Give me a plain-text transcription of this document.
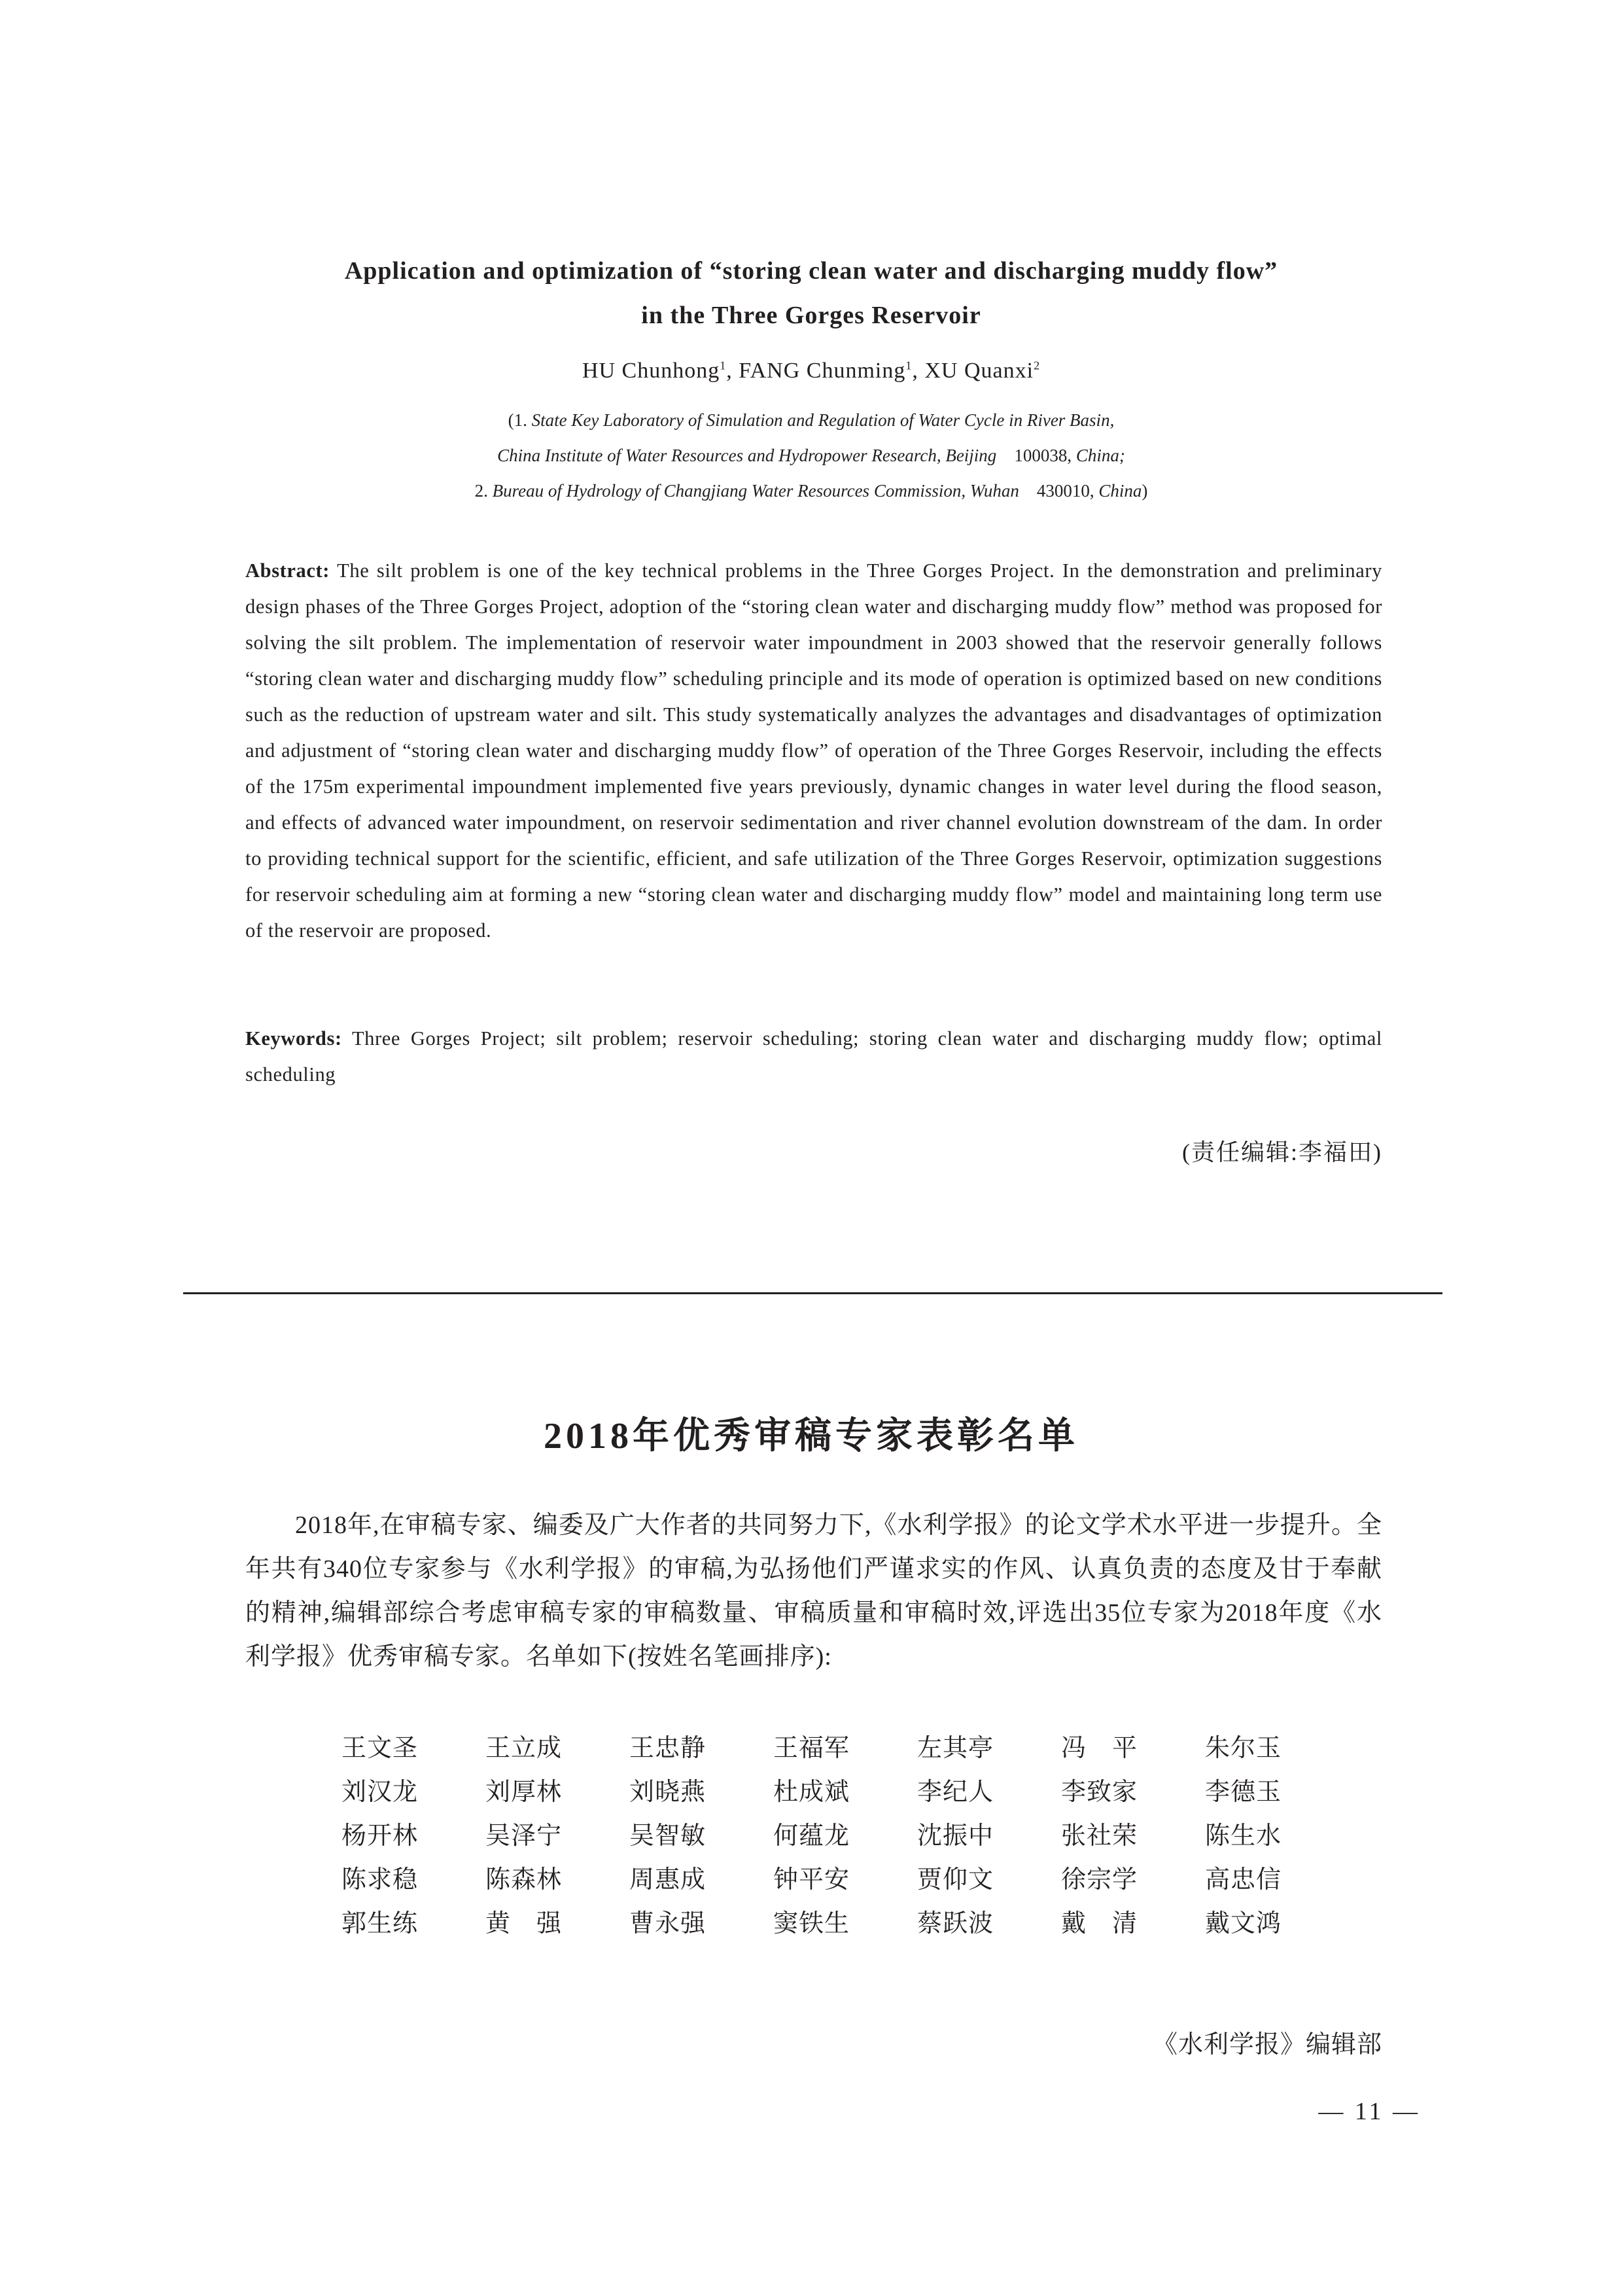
Application and optimization of “storing clean water and discharging muddy flow”
in the Three Gorges Reservoir
HU Chunhong$^1$, FANG Chunming$^1$, XU Quanxi$^2$
(1. State Key Laboratory of Simulation and Regulation of Water Cycle in River Basin,
China Institute of Water Resources and Hydropower Research, Beijing 100038, China;
2. Bureau of Hydrology of Changjiang Water Resources Commission, Wuhan 430010, China)
Abstract: The silt problem is one of the key technical problems in the Three Gorges Project. In the demonstration and preliminary design phases of the Three Gorges Project, adoption of the “storing clean water and discharging muddy flow” method was proposed for solving the silt problem. The implementation of reservoir water impoundment in 2003 showed that the reservoir generally follows “storing clean water and discharging muddy flow” scheduling principle and its mode of operation is optimized based on new conditions such as the reduction of upstream water and silt. This study systematically analyzes the advantages and disadvantages of optimization and adjustment of “storing clean water and discharging muddy flow” of operation of the Three Gorges Reservoir, including the effects of the 175m experimental impoundment implemented five years previously, dynamic changes in water level during the flood season, and effects of advanced water impoundment, on reservoir sedimentation and river channel evolution downstream of the dam. In order to providing technical support for the scientific, efficient, and safe utilization of the Three Gorges Reservoir, optimization suggestions for reservoir scheduling aim at forming a new “storing clean water and discharging muddy flow” model and maintaining long term use of the reservoir are proposed.
Keywords: Three Gorges Project; silt problem; reservoir scheduling; storing clean water and discharging muddy flow; optimal scheduling
(责任编辑:李福田)
2018年优秀审稿专家表彰名单
2018年,在审稿专家、编委及广大作者的共同努力下,《水利学报》的论文学术水平进一步提升。全年共有340位专家参与《水利学报》的审稿,为弘扬他们严谨求实的作风、认真负责的态度及甘于奉献的精神,编辑部综合考虑审稿专家的审稿数量、审稿质量和审稿时效,评选出35位专家为2018年度《水利学报》优秀审稿专家。名单如下(按姓名笔画排序):
王文圣	王立成	王忠静	王福军	左其亭	冯　平	朱尔玉
刘汉龙	刘厚林	刘晓燕	杜成斌	李纪人	李致家	李德玉
杨开林	吴泽宁	吴智敏	何蕴龙	沈振中	张社荣	陈生水
陈求稳	陈森林	周惠成	钟平安	贾仰文	徐宗学	高忠信
郭生练	黄　强	曹永强	窦铁生	蔡跃波	戴　清	戴文鸿
《水利学报》编辑部
— 11 —
